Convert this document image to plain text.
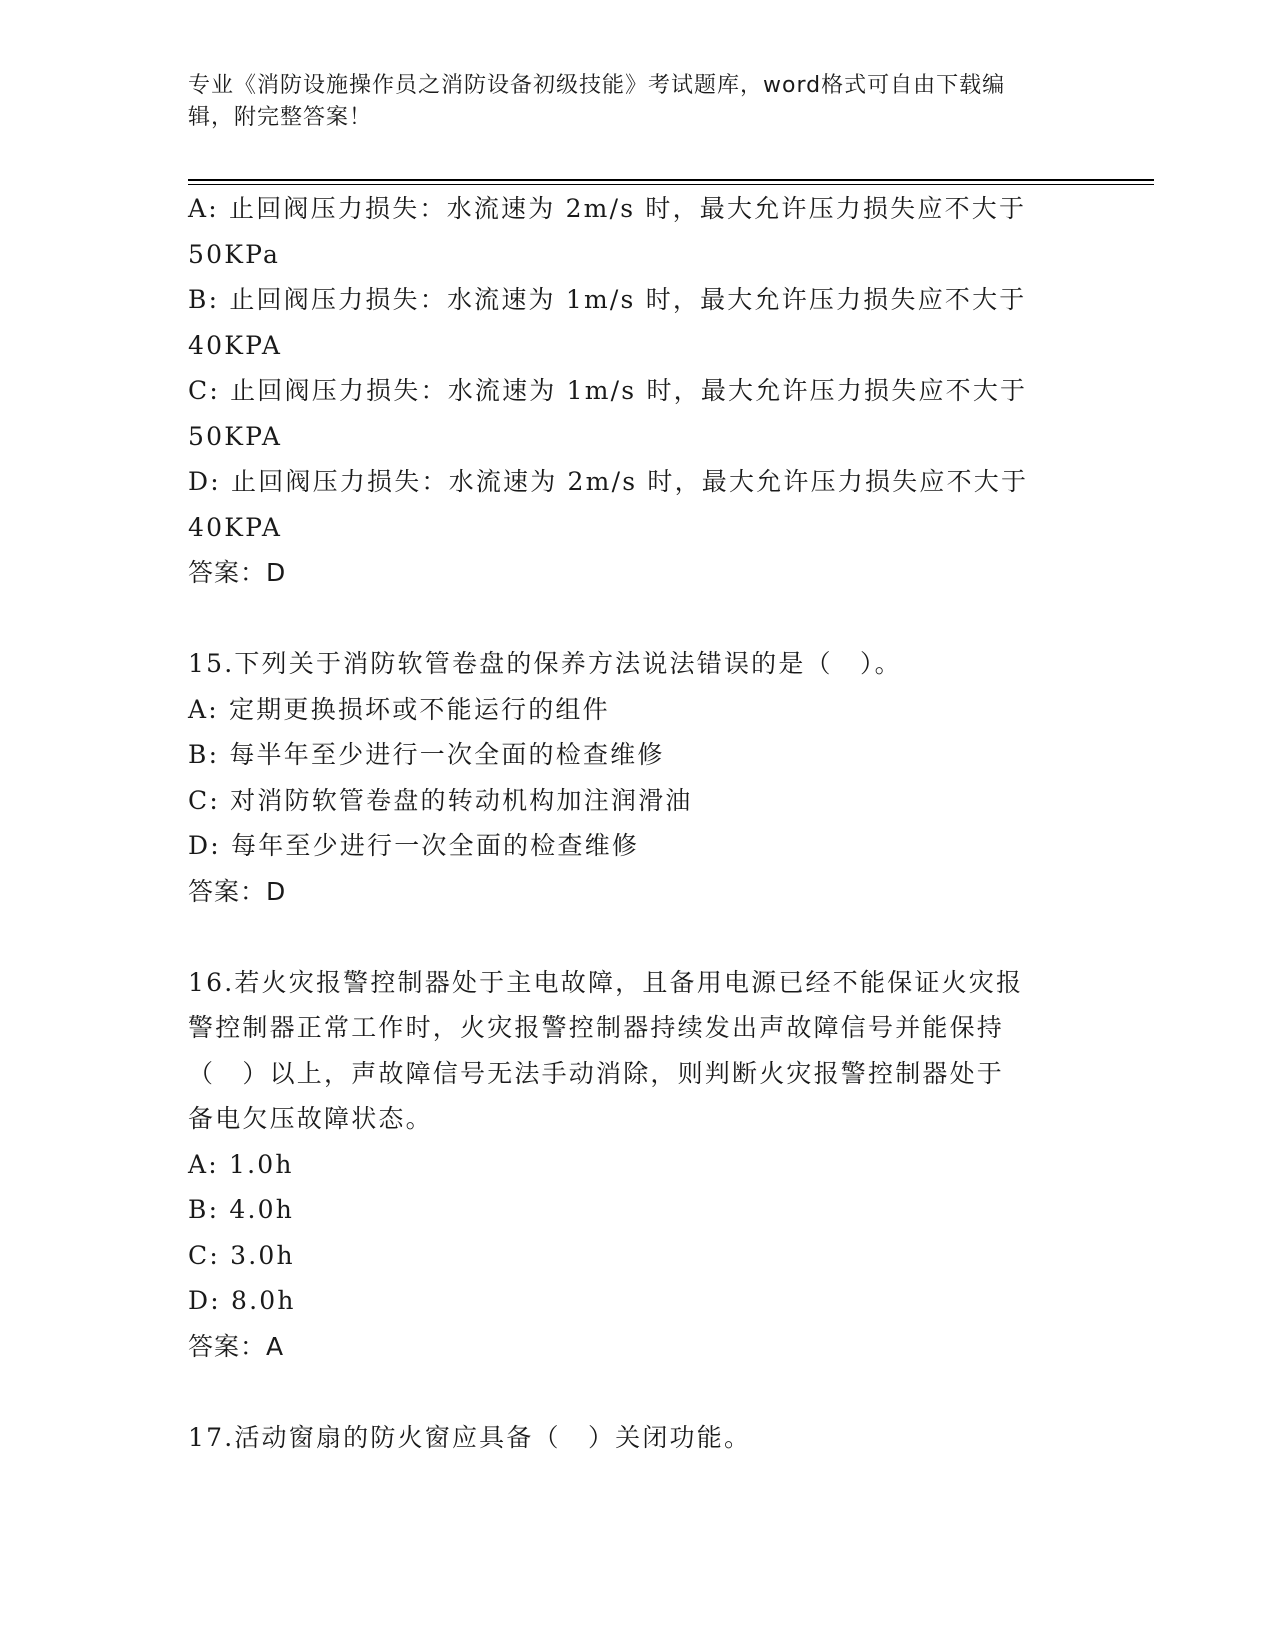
专业《消防设施操作员之消防设备初级技能》考试题库，word格式可自由下载编
辑，附完整答案！
A: 止回阀压力损失：水流速为 2m/s 时，最大允许压力损失应不大于
50KPa
B: 止回阀压力损失：水流速为 1m/s 时，最大允许压力损失应不大于
40KPA
C: 止回阀压力损失：水流速为 1m/s 时，最大允许压力损失应不大于
50KPA
D: 止回阀压力损失：水流速为 2m/s 时，最大允许压力损失应不大于
40KPA
答案：D
15.下列关于消防软管卷盘的保养方法说法错误的是（　）。
A: 定期更换损坏或不能运行的组件
B: 每半年至少进行一次全面的检查维修
C: 对消防软管卷盘的转动机构加注润滑油
D: 每年至少进行一次全面的检查维修
答案：D
16.若火灾报警控制器处于主电故障，且备用电源已经不能保证火灾报
警控制器正常工作时，火灾报警控制器持续发出声故障信号并能保持
（　）以上，声故障信号无法手动消除，则判断火灾报警控制器处于
备电欠压故障状态。
A: 1.0h
B: 4.0h
C: 3.0h
D: 8.0h
答案：A
17.活动窗扇的防火窗应具备（　）关闭功能。
